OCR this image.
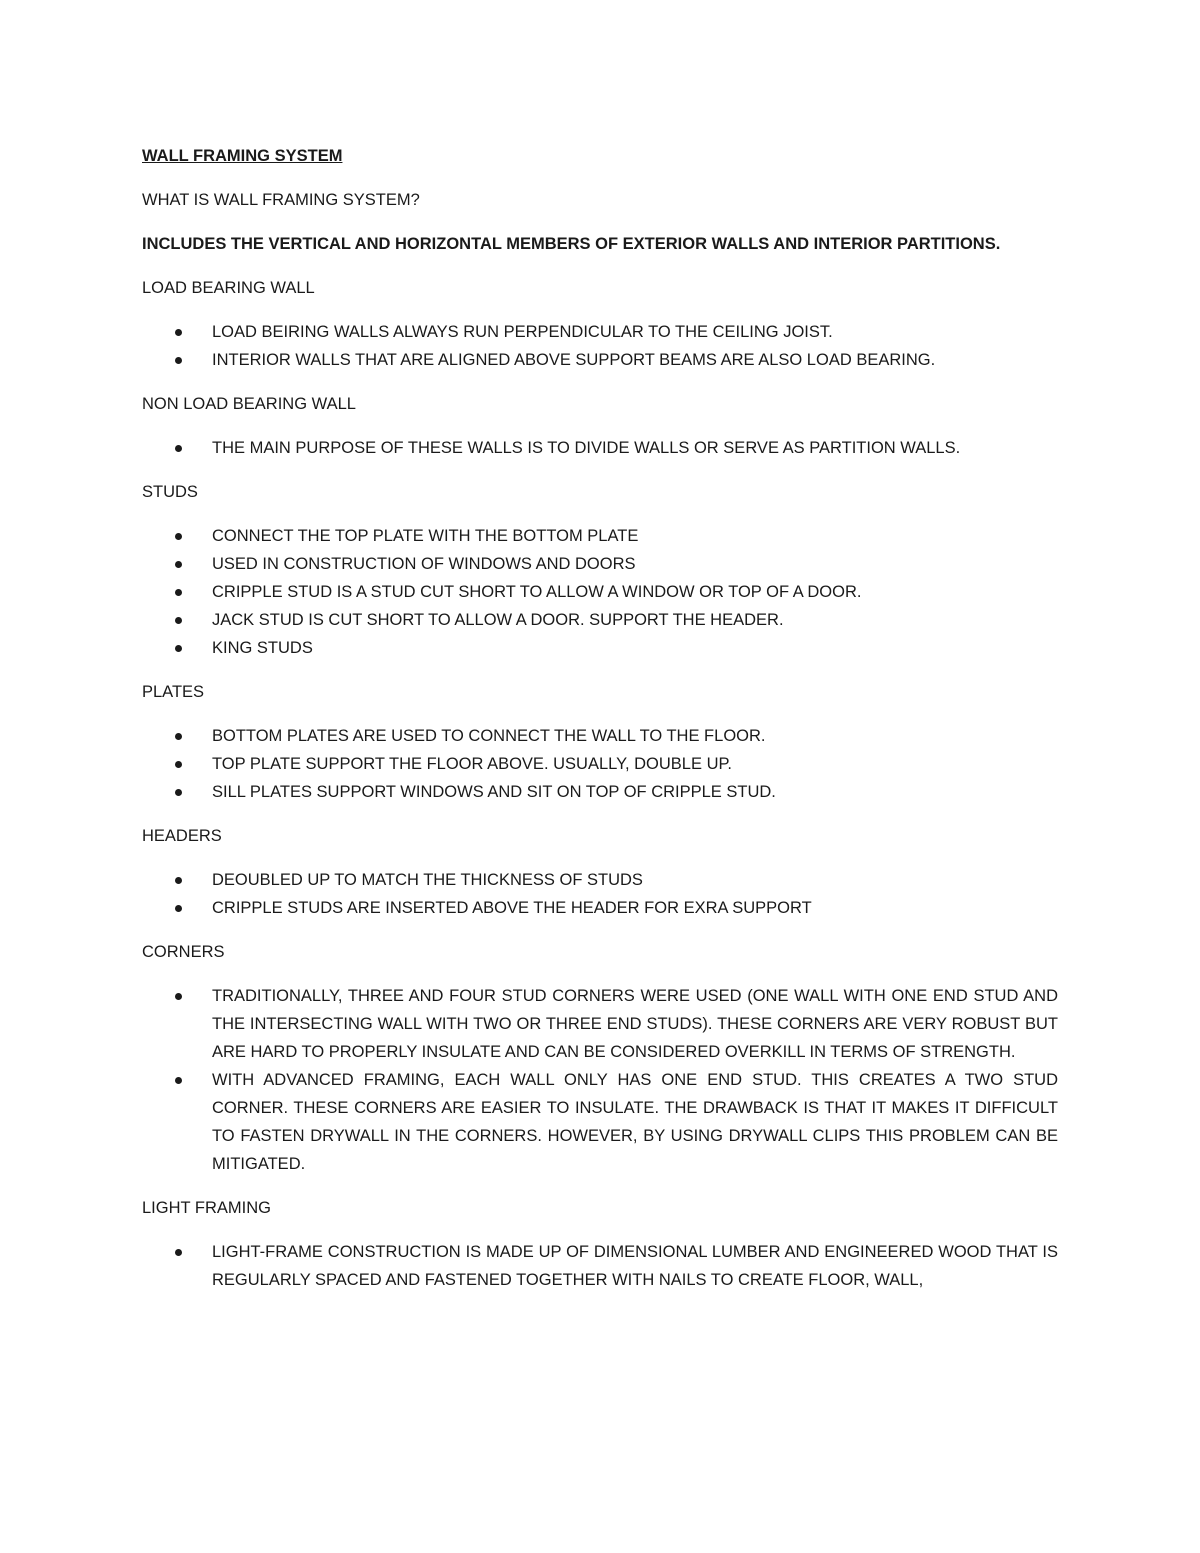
WALL FRAMING SYSTEM

WHAT IS WALL FRAMING SYSTEM?

INCLUDES THE VERTICAL AND HORIZONTAL MEMBERS OF EXTERIOR WALLS AND INTERIOR PARTITIONS.

LOAD BEARING WALL

LOAD BEIRING WALLS ALWAYS RUN PERPENDICULAR TO THE CEILING JOIST.
INTERIOR WALLS THAT ARE ALIGNED ABOVE SUPPORT BEAMS ARE ALSO LOAD BEARING.

NON LOAD BEARING WALL

THE MAIN PURPOSE OF THESE WALLS IS TO DIVIDE WALLS OR SERVE AS PARTITION WALLS.

STUDS

CONNECT THE TOP PLATE WITH THE BOTTOM PLATE
USED IN CONSTRUCTION OF WINDOWS AND DOORS
CRIPPLE STUD IS A STUD CUT SHORT TO ALLOW A WINDOW OR TOP OF A DOOR.
JACK STUD IS CUT SHORT TO ALLOW A DOOR. SUPPORT THE HEADER.
KING STUDS

PLATES

BOTTOM PLATES ARE USED TO CONNECT THE WALL TO THE FLOOR.
TOP PLATE SUPPORT THE FLOOR ABOVE. USUALLY, DOUBLE UP.
SILL PLATES SUPPORT WINDOWS AND SIT ON TOP OF CRIPPLE STUD.

HEADERS

DEOUBLED UP TO MATCH THE THICKNESS OF STUDS
CRIPPLE STUDS ARE INSERTED ABOVE THE HEADER FOR EXRA SUPPORT

CORNERS

TRADITIONALLY, THREE AND FOUR STUD CORNERS WERE USED (ONE WALL WITH ONE END STUD AND THE INTERSECTING WALL WITH TWO OR THREE END STUDS). THESE CORNERS ARE VERY ROBUST BUT ARE HARD TO PROPERLY INSULATE AND CAN BE CONSIDERED OVERKILL IN TERMS OF STRENGTH.
WITH ADVANCED FRAMING, EACH WALL ONLY HAS ONE END STUD. THIS CREATES A TWO STUD CORNER. THESE CORNERS ARE EASIER TO INSULATE. THE DRAWBACK IS THAT IT MAKES IT DIFFICULT TO FASTEN DRYWALL IN THE CORNERS. HOWEVER, BY USING DRYWALL CLIPS THIS PROBLEM CAN BE MITIGATED.

LIGHT FRAMING

LIGHT-FRAME CONSTRUCTION IS MADE UP OF DIMENSIONAL LUMBER AND ENGINEERED WOOD THAT IS REGULARLY SPACED AND FASTENED TOGETHER WITH NAILS TO CREATE FLOOR, WALL,
